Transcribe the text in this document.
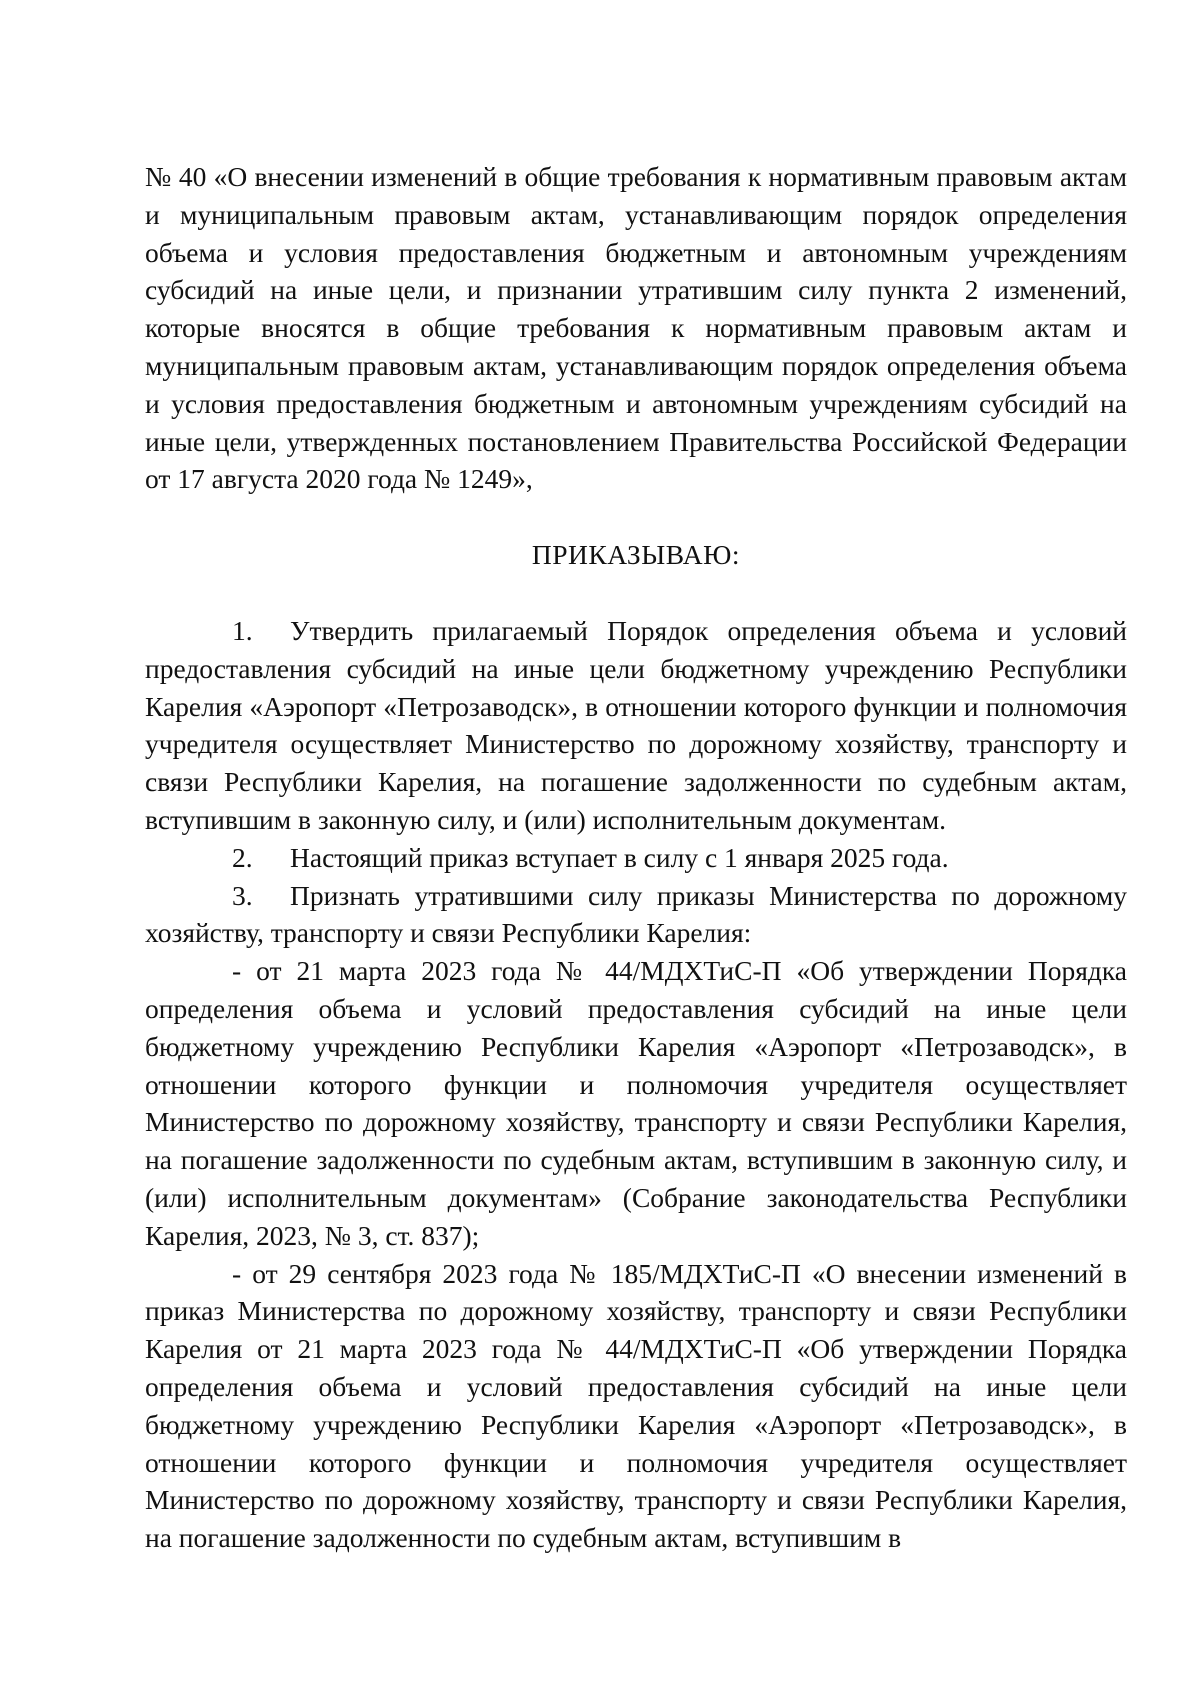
№ 40 «О внесении изменений в общие требования к нормативным правовым актам и муниципальным правовым актам, устанавливающим порядок определения объема и условия предоставления бюджетным и автономным учреждениям субсидий на иные цели, и признании утратившим силу пункта 2 изменений, которые вносятся в общие требования к нормативным правовым актам и муниципальным правовым актам, устанавливающим порядок определения объема и условия предоставления бюджетным и автономным учреждениям субсидий на иные цели, утвержденных постановлением Правительства Российской Федерации от 17 августа 2020 года № 1249»,

ПРИКАЗЫВАЮ:

1. Утвердить прилагаемый Порядок определения объема и условий предоставления субсидий на иные цели бюджетному учреждению Республики Карелия «Аэропорт «Петрозаводск», в отношении которого функции и полномочия учредителя осуществляет Министерство по дорожному хозяйству, транспорту и связи Республики Карелия, на погашение задолженности по судебным актам, вступившим в законную силу, и (или) исполнительным документам.

2. Настоящий приказ вступает в силу с 1 января 2025 года.

3. Признать утратившими силу приказы Министерства по дорожному хозяйству, транспорту и связи Республики Карелия:

- от 21 марта 2023 года № 44/МДХТиС-П «Об утверждении Порядка определения объема и условий предоставления субсидий на иные цели бюджетному учреждению Республики Карелия «Аэропорт «Петрозаводск», в отношении которого функции и полномочия учредителя осуществляет Министерство по дорожному хозяйству, транспорту и связи Республики Карелия, на погашение задолженности по судебным актам, вступившим в законную силу, и (или) исполнительным документам» (Собрание законодательства Республики Карелия, 2023, № 3, ст. 837);

- от 29 сентября 2023 года № 185/МДХТиС-П «О внесении изменений в приказ Министерства по дорожному хозяйству, транспорту и связи Республики Карелия от 21 марта 2023 года № 44/МДХТиС-П «Об утверждении Порядка определения объема и условий предоставления субсидий на иные цели бюджетному учреждению Республики Карелия «Аэропорт «Петрозаводск», в отношении которого функции и полномочия учредителя осуществляет Министерство по дорожному хозяйству, транспорту и связи Республики Карелия, на погашение задолженности по судебным актам, вступившим в
